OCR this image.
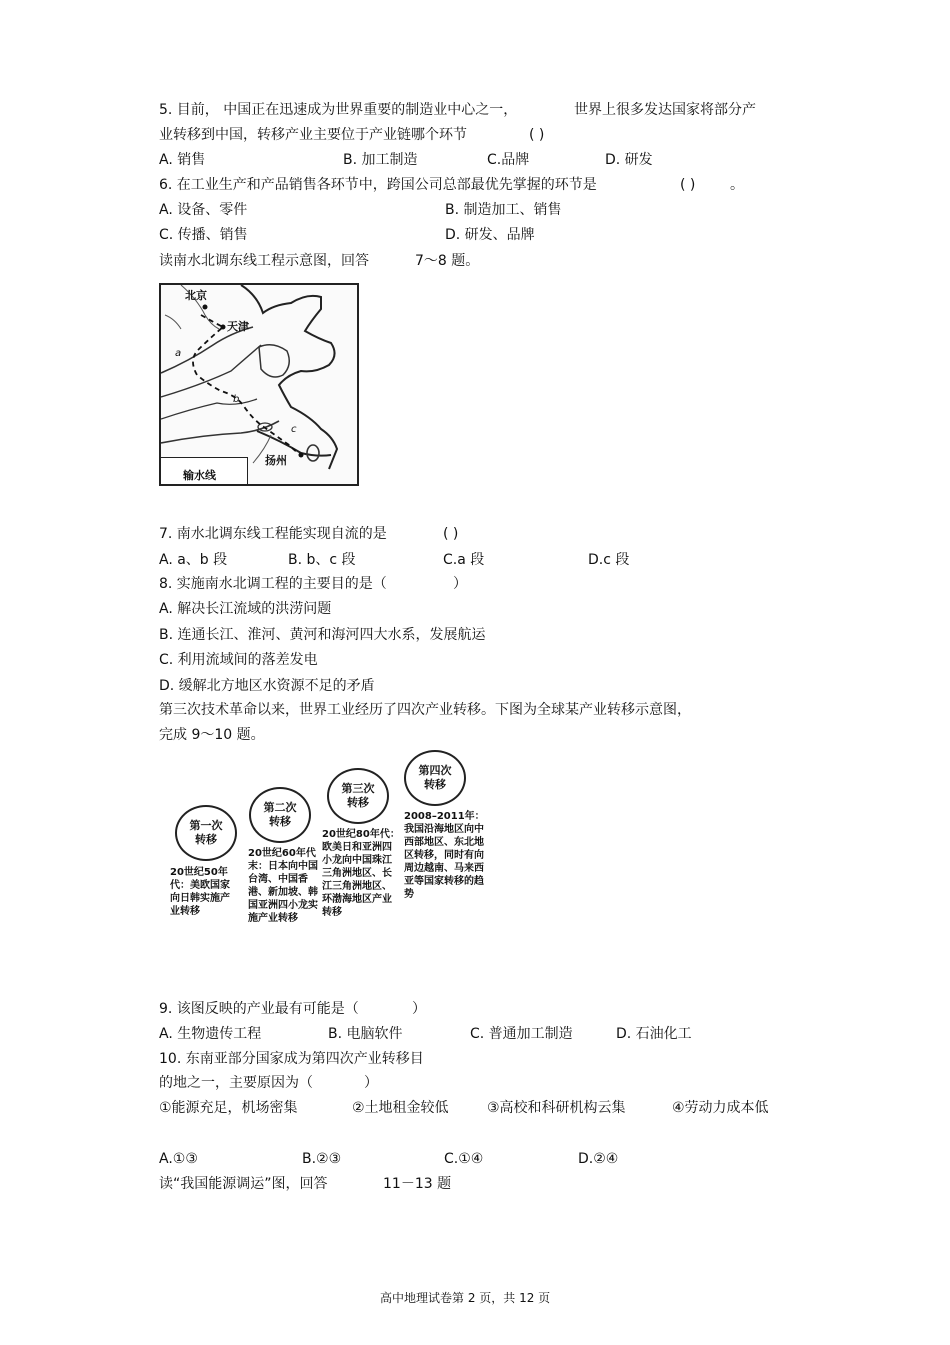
5. 目前， 中国正在迅速成为世界重要的制造业中心之一，	世界上很多发达国家将部分产
业转移到中国，转移产业主要位于产业链哪个环节	( )
A. 销售	B. 加工制造	C.品牌	D. 研发
6. 在工业生产和产品销售各环节中，跨国公司总部最优先掌握的环节是	( ) 。
A. 设备、零件	B. 制造加工、销售
C. 传播、销售	D. 研发、品牌
读南水北调东线工程示意图，回答	7～8 题。
北京
天津
扬州
a
b
c
输水线
7. 南水北调东线工程能实现自流的是	( )
A. a、b 段	B. b、c 段	C.a 段	D.c 段
8. 实施南水北调工程的主要目的是（	）
A. 解决长江流域的洪涝问题
B. 连通长江、淮河、黄河和海河四大水系，发展航运
C. 利用流域间的落差发电
D. 缓解北方地区水资源不足的矛盾
第三次技术革命以来，世界工业经历了四次产业转移。下图为全球某产业转移示意图，
完成 9～10 题。
第一次
转移
20世纪50年代：美欧国家向日韩实施产业转移
第二次
转移
20世纪60年代末：日本向中国台湾、中国香港、新加坡、韩国亚洲四小龙实施产业转移
第三次
转移
20世纪80年代：欧美日和亚洲四小龙向中国珠江三角洲地区、长江三角洲地区、环渤海地区产业转移
第四次
转移
2008–2011年：我国沿海地区向中西部地区、东北地区转移，同时有向周边越南、马来西亚等国家转移的趋势
9. 该图反映的产业最有可能是（	）
A. 生物遗传工程	B. 电脑软件	C. 普通加工制造	D. 石油化工
10. 东南亚部分国家成为第四次产业转移目
的地之一，主要原因为（	）
①能源充足，机场密集	②土地租金较低	③高校和科研机构云集	④劳动力成本低
A.①③	B.②③	C.①④	D.②④
读“我国能源调运”图，回答	11－13 题
高中地理试卷第 2 页，共 12 页
